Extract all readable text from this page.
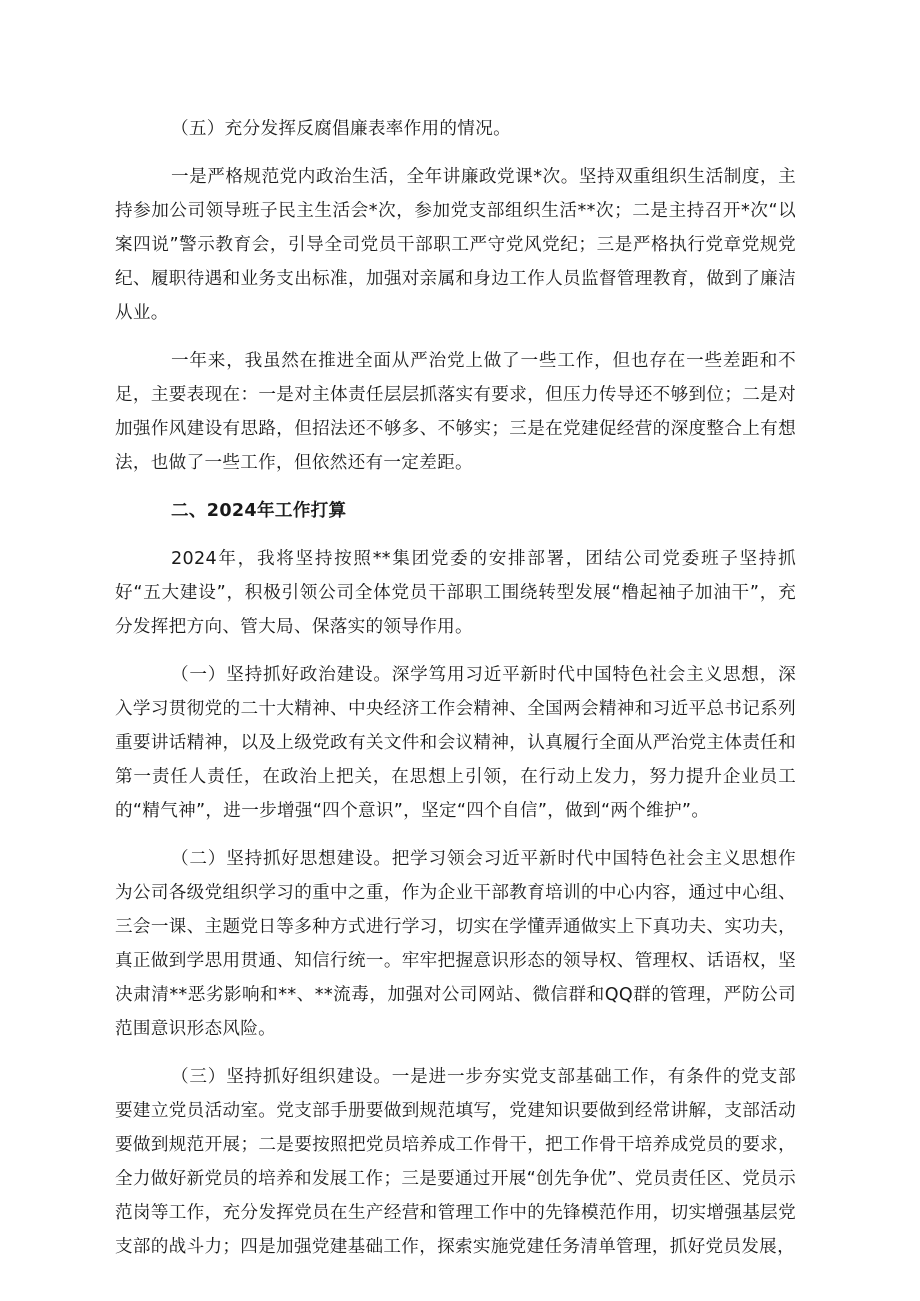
（五）充分发挥反腐倡廉表率作用的情况。

一是严格规范党内政治生活，全年讲廉政党课*次。坚持双重组织生活制度，主持参加公司领导班子民主生活会*次，参加党支部组织生活**次；二是主持召开*次“以案四说”警示教育会，引导全司党员干部职工严守党风党纪；三是严格执行党章党规党纪、履职待遇和业务支出标准，加强对亲属和身边工作人员监督管理教育，做到了廉洁从业。

一年来，我虽然在推进全面从严治党上做了一些工作，但也存在一些差距和不足，主要表现在：一是对主体责任层层抓落实有要求，但压力传导还不够到位；二是对加强作风建设有思路，但招法还不够多、不够实；三是在党建促经营的深度整合上有想法，也做了一些工作，但依然还有一定差距。

二、2024年工作打算

2024年，我将坚持按照**集团党委的安排部署，团结公司党委班子坚持抓好“五大建设”，积极引领公司全体党员干部职工围绕转型发展“橹起袖子加油干”，充分发挥把方向、管大局、保落实的领导作用。

（一）坚持抓好政治建设。深学笃用习近平新时代中国特色社会主义思想，深入学习贯彻党的二十大精神、中央经济工作会精神、全国两会精神和习近平总书记系列重要讲话精神，以及上级党政有关文件和会议精神，认真履行全面从严治党主体责任和第一责任人责任，在政治上把关，在思想上引领，在行动上发力，努力提升企业员工的“精气神”，进一步增强“四个意识”，坚定“四个自信”，做到“两个维护”。

（二）坚持抓好思想建设。把学习领会习近平新时代中国特色社会主义思想作为公司各级党组织学习的重中之重，作为企业干部教育培训的中心内容，通过中心组、三会一课、主题党日等多种方式进行学习，切实在学懂弄通做实上下真功夫、实功夫，真正做到学思用贯通、知信行统一。牢牢把握意识形态的领导权、管理权、话语权，坚决肃清**恶劣影响和**、**流毒，加强对公司网站、微信群和QQ群的管理，严防公司范围意识形态风险。

（三）坚持抓好组织建设。一是进一步夯实党支部基础工作，有条件的党支部要建立党员活动室。党支部手册要做到规范填写，党建知识要做到经常讲解，支部活动要做到规范开展；二是要按照把党员培养成工作骨干，把工作骨干培养成党员的要求，全力做好新党员的培养和发展工作；三是要通过开展“创先争优”、党员责任区、党员示范岗等工作，充分发挥党员在生产经营和管理工作中的先锋模范作用，切实增强基层党支部的战斗力；四是加强党建基础工作，探索实施党建任务清单管理，抓好党员发展，
